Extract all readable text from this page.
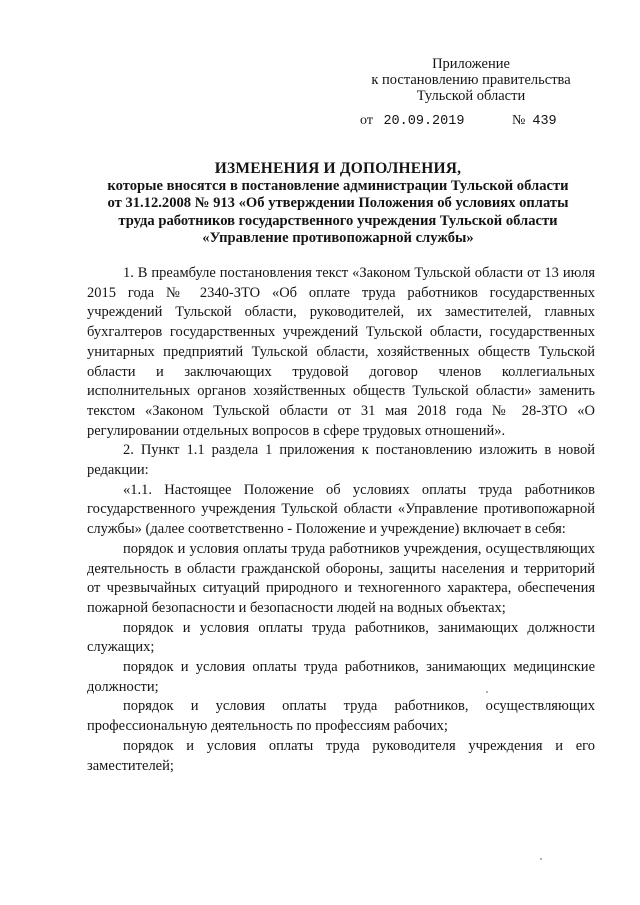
Приложение
к постановлению правительства
Тульской области
от 20.09.2019	№ 439
ИЗМЕНЕНИЯ И ДОПОЛНЕНИЯ,
которые вносятся в постановление администрации Тульской области
от 31.12.2008 № 913 «Об утверждении Положения об условиях оплаты
труда работников государственного учреждения Тульской области
«Управление противопожарной службы»

1. В преамбуле постановления текст «Законом Тульской области от 13 июля 2015 года № 2340-ЗТО «Об оплате труда работников государственных учреждений Тульской области, руководителей, их заместителей, главных бухгалтеров государственных учреждений Тульской области, государственных унитарных предприятий Тульской области, хозяйственных обществ Тульской области и заключающих трудовой договор членов коллегиальных исполнительных органов хозяйственных обществ Тульской области» заменить текстом «Законом Тульской области от 31 мая 2018 года № 28-ЗТО «О регулировании отдельных вопросов в сфере трудовых отношений».

2. Пункт 1.1 раздела 1 приложения к постановлению изложить в новой редакции:

«1.1. Настоящее Положение об условиях оплаты труда работников государственного учреждения Тульской области «Управление противопожарной службы» (далее соответственно - Положение и учреждение) включает в себя:

порядок и условия оплаты труда работников учреждения, осуществляющих деятельность в области гражданской обороны, защиты населения и территорий от чрезвычайных ситуаций природного и техногенного характера, обеспечения пожарной безопасности и безопасности людей на водных объектах;

порядок и условия оплаты труда работников, занимающих должности служащих;

порядок и условия оплаты труда работников, занимающих медицинские должности;

порядок и условия оплаты труда работников, осуществляющих профессиональную деятельность по профессиям рабочих;

порядок и условия оплаты труда руководителя учреждения и его заместителей;
